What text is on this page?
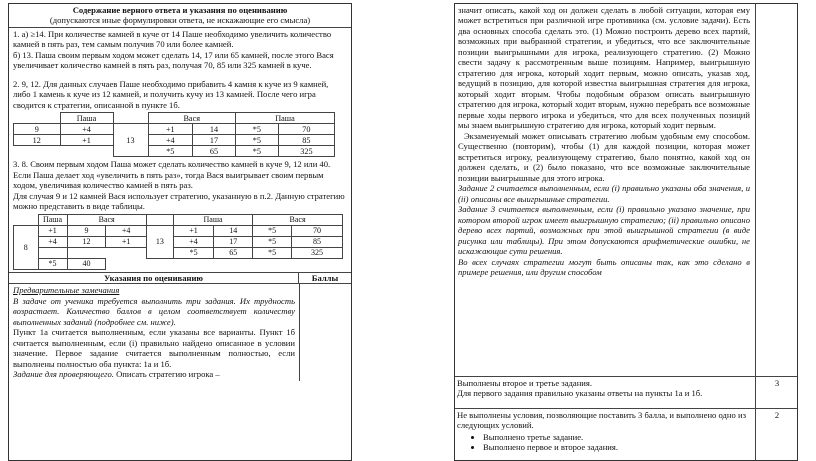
Содержание верного ответа и указания по оцениванию
(допускаются иные формулировки ответа, не искажающие его смысла)

1. а) ≥14. При количестве камней в куче от 14 Паше необходимо увеличить количество камней в пять раз, тем самым получив 70 или более камней.

б) 13. Паша своим первым ходом может сделать 14, 17 или 65 камней, после этого Вася увеличивает количество камней в пять раз, получая 70, 85 или 325 камней в куче.

2. 9, 12. Для данных случаев Паше необходимо прибавить 4 камня к куче из 9 камней, либо 1 камень к куче из 12 камней, и получить кучу из 13 камней. После чего игра сводится к стратегии, описанной в пункте 1б.

	Паша		Вася		Паша	
9	+4	13	+1	14	*5	70
12	+1		+4	17	*5	85
			*5	65	*5	325

3. 8. Своим первым ходом Паша может сделать количество камней в куче 9, 12 или 40. Если Паша делает ход «увеличить в пять раз», тогда Вася выигрывает своим первым ходом, увеличивая количество камней в пять раз.

Для случая 9 и 12 камней Вася использует стратегию, указанную в п.2. Данную стратегию можно представить в виде таблицы.

	Паша	Вася			Паша		Вася	
8	+1	9	+4	13	+1	14	*5	70
	+4	12	+1		+4	17	*5	85
					*5	65	*5	325
	*5	40						
Указания по оцениванию	Баллы

Предварительные замечания

В задаче от ученика требуется выполнить три задания. Их трудность возрастает. Количество баллов в целом соответствует количеству выполненных заданий (подробнее см. ниже).

Пункт 1а считается выполненным, если указаны все варианты. Пункт 1б считается выполненным, если (i) правильно найдено описанное в условии значение. Первое задание считается выполненным полностью, если выполнены полностью оба пункта: 1а и 1б.

Задание для проверяющего. Описать стратегию игрока –

значит описать, какой ход он должен сделать в любой ситуации, которая ему может встретиться при различной игре противника (см. условие задачи). Есть два основных способа сделать это. (1) Можно построить дерево всех партий, возможных при выбранной стратегии, и убедиться, что все заключительные позиции выигрышными для игрока, реализующего стратегию. (2) Можно свести задачу к рассмотренным выше позициям. Например, выигрышную стратегию для игрока, который ходит первым, можно описать, указав ход, ведущий в позицию, для которой известна выигрышная стратегия для игрока, который ходит вторым. Чтобы подобным образом описать выигрышную стратегию для игрока, который ходит вторым, нужно перебрать все возможные первые ходы первого игрока и убедиться, что для всех полученных позиций мы знаем выигрышную стратегию для игрока, который ходит первым.

Экзаменуемый может описывать стратегию любым удобным ему способом. Существенно (повторим), чтобы (1) для каждой позиции, которая может встретиться игроку, реализующему стратегию, было понятно, какой ход он должен сделать, и (2) было показано, что все возможные заключительные позиции выигрышные для этого игрока.

Задание 2 считается выполненным, если (i) правильно указаны оба значения, и (ii) описаны все выигрышные стратегии.

Задание 3 считается выполненным, если (i) правильно указано значение, при котором второй игрок имеет выигрышную стратегию; (ii) правильно описано дерево всех партий, возможных при этой выигрышной стратегии (в виде рисунка или таблицы). При этом допускаются арифметические ошибки, не искажающие сути решения.

Во всех случаях стратегии могут быть описаны так, как это сделано в примере решения, или другим способом

Выполнены второе и третье задания.
Для первого задания правильно указаны ответы на пункты 1а и 1б.
3

Не выполнены условия, позволяющие поставить 3 балла, и выполнено одно из следующих условий.

• Выполнено третье задание.
• Выполнено первое и второе задания.
2
